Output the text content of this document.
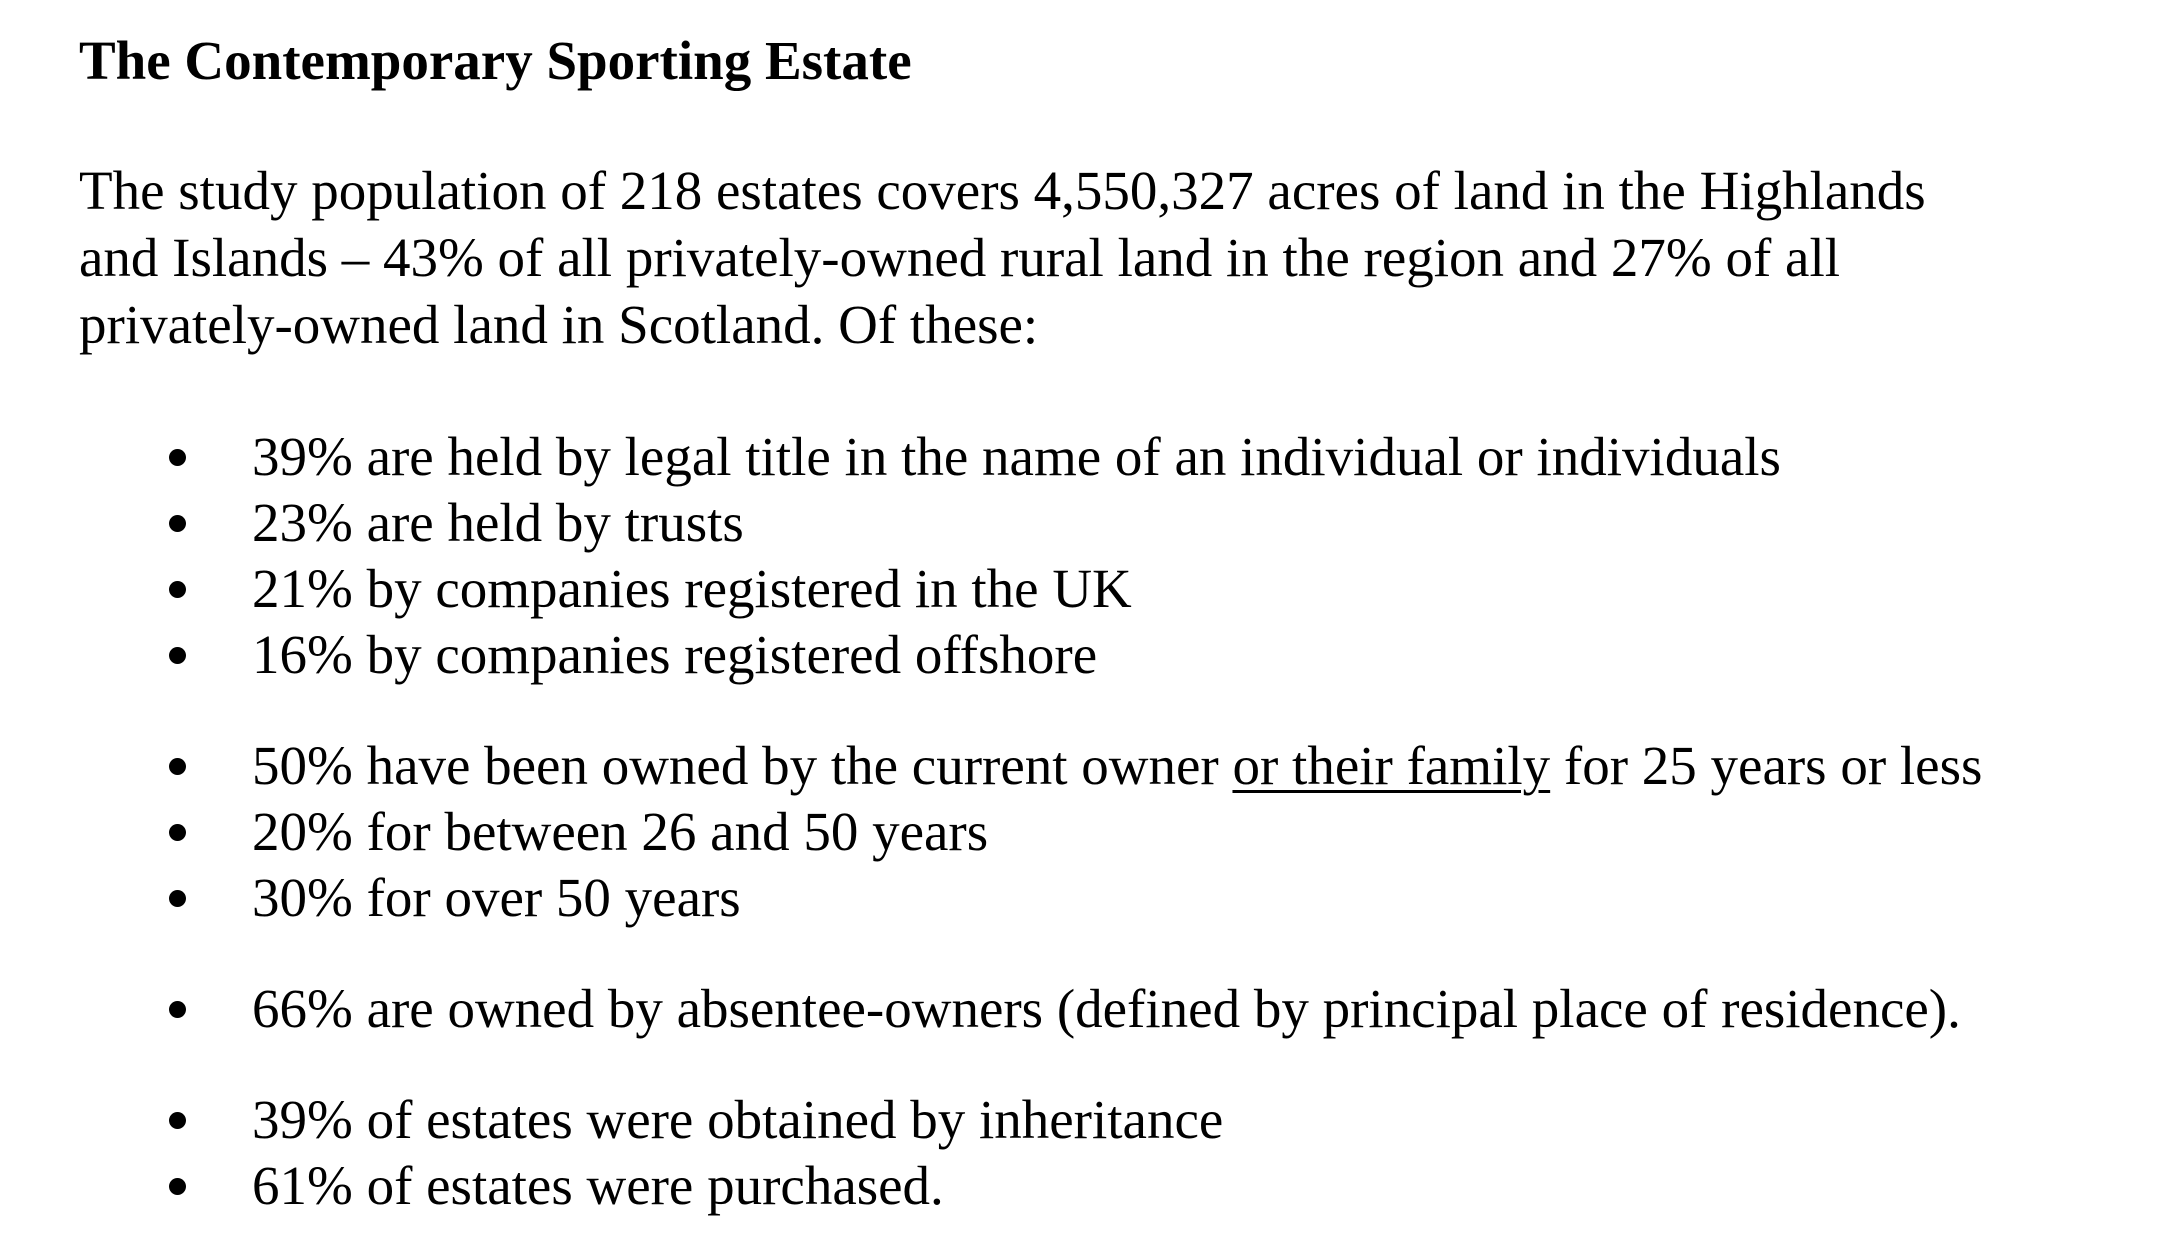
The Contemporary Sporting Estate
The study population of 218 estates covers 4,550,327 acres of land in the Highlands
and Islands – 43% of all privately-owned rural land in the region and 27% of all
privately-owned land in Scotland. Of these:
39% are held by legal title in the name of an individual or individuals
23% are held by trusts
21% by companies registered in the UK
16% by companies registered offshore
50% have been owned by the current owner or their family for 25 years or less
20% for between 26 and 50 years
30% for over 50 years
66% are owned by absentee-owners (defined by principal place of residence).
39% of estates were obtained by inheritance
61% of estates were purchased.
